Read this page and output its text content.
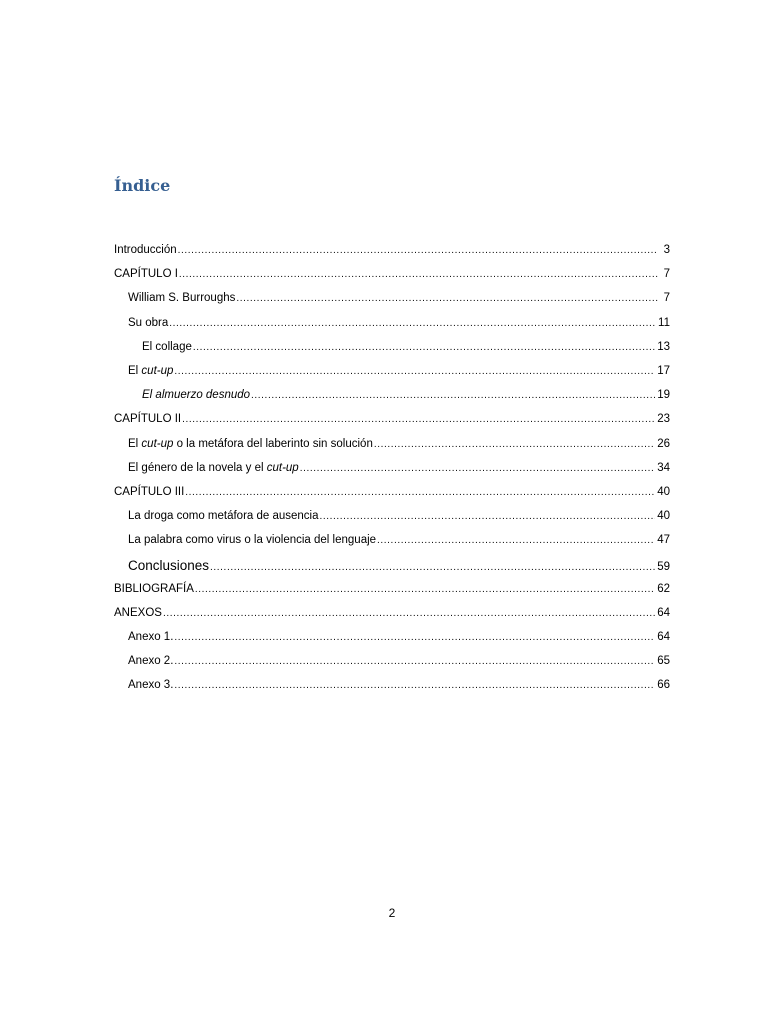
Índice
Introducción .....	3
CAPÍTULO I .....	7
William S. Burroughs .....	7
Su obra .....	11
El collage .....	13
El cut-up .....	17
El almuerzo desnudo .....	19
CAPÍTULO II .....	23
El cut-up o la metáfora del laberinto sin solución .....	26
El género de la novela y el cut-up .....	34
CAPÍTULO III .....	40
La droga como metáfora de ausencia .....	40
La palabra como virus o la violencia del lenguaje .....	47
Conclusiones .....	59
BIBLIOGRAFÍA .....	62
ANEXOS .....	64
Anexo 1. .....	64
Anexo 2. .....	65
Anexo 3. .....	66
2
